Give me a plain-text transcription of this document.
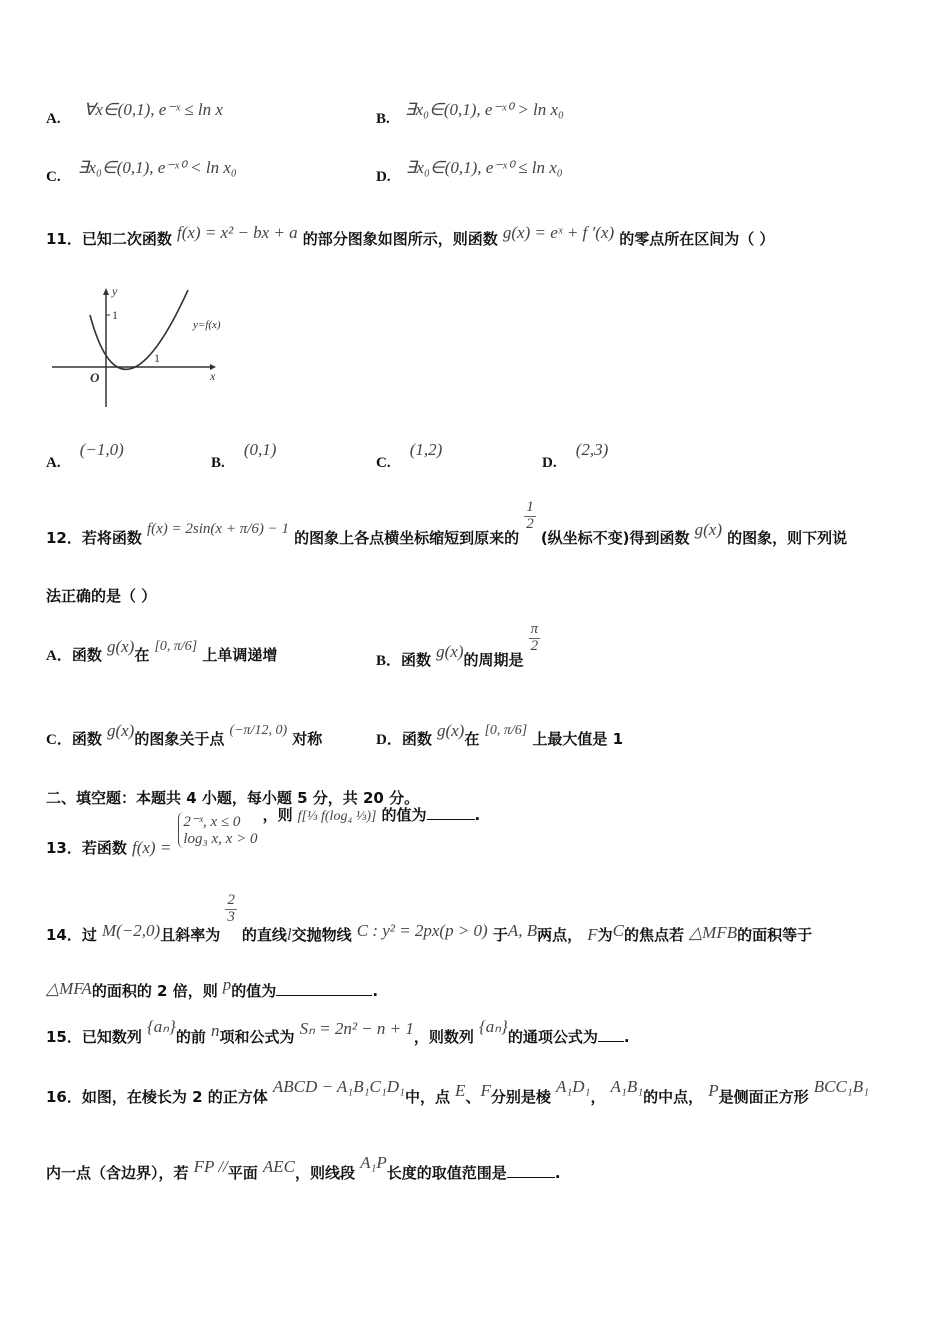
A. ∀x∈(0,1), e⁻ˣ ≤ ln x	B. ∃x₀∈(0,1), e⁻ˣ⁰ > ln x₀
C. ∃x₀∈(0,1), e⁻ˣ⁰ < ln x₀	D. ∃x₀∈(0,1), e⁻ˣ⁰ ≤ ln x₀
11．已知二次函数 f(x) = x² − bx + a 的部分图象如图所示，则函数 g(x) = eˣ + f ′(x) 的零点所在区间为（ ）
y
x
O
1
1
y=f(x)
A. (−1,0)
B. (0,1)
C. (1,2)
D. (2,3)
12．若将函数 f(x) = 2sin(x + π/6) − 1 的图象上各点横坐标缩短到原来的
$\frac{1}{2}$
(纵坐标不变)得到函数 g(x) 的图象，则下列说
法正确的是（ ）
A．函数 g(x)在 [0, π/6] 上单调递增	B．函数 g(x)的周期是
$\frac{\pi}{2}$
C．函数 g(x)的图象关于点 (−π/12, 0) 对称	D．函数 g(x)在 [0, π/6] 上最大值是 1
二、填空题：本题共 4 小题，每小题 5 分，共 20 分。
13．若函数 f(x) =
2⁻ˣ, x ≤ 0
log₃ x, x > 0
，则 f[⅓ f(log₄ ⅓)] 的值为	.
14．过 M(−2,0)且斜率为
$\frac{2}{3}$
的直线l交抛物线 C : y² = 2px(p > 0) 于A, B两点， F为C的焦点若 △MFB的面积等于
△MFA的面积的 2 倍，则 p的值为	.
15．已知数列 {aₙ}的前 n项和公式为 Sₙ = 2n² − n + 1，则数列 {aₙ}的通项公式为 .
16．如图，在棱长为 2 的正方体 ABCD − A₁B₁C₁D₁中，点 E、F分别是棱 A₁D₁， A₁B₁的中点， P是侧面正方形 BCC₁B₁
内一点（含边界），若 FP //平面 AEC，则线段 A₁P长度的取值范围是	.
